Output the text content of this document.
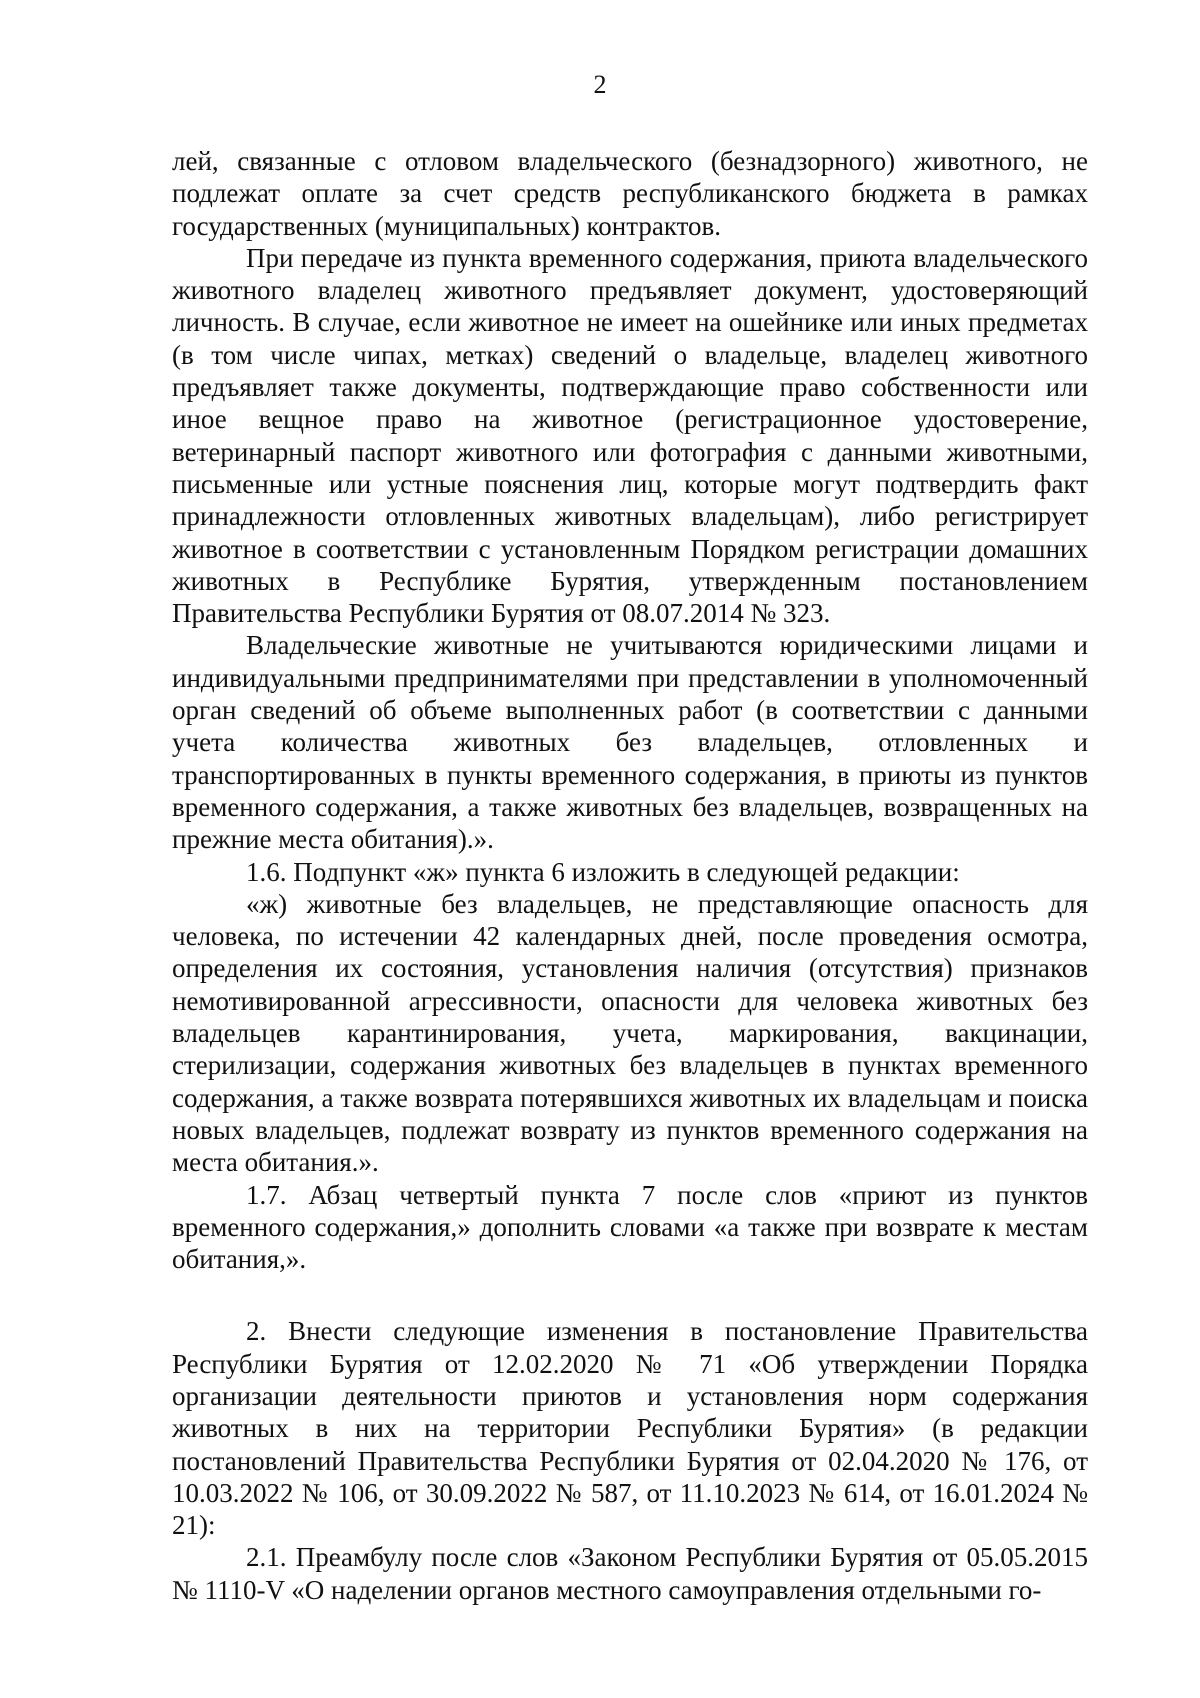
2

лей, связанные с отловом владельческого (безнадзорного) животного, не подлежат оплате за счет средств республиканского бюджета в рамках государственных (муниципальных) контрактов.

При передаче из пункта временного содержания, приюта владельческого животного владелец животного предъявляет документ, удостоверяющий личность. В случае, если животное не имеет на ошейнике или иных предметах (в том числе чипах, метках) сведений о владельце, владелец животного предъявляет также документы, подтверждающие право собственности или иное вещное право на животное (регистрационное удостоверение, ветеринарный паспорт животного или фотография с данными животными, письменные или устные пояснения лиц, которые могут подтвердить факт принадлежности отловленных животных владельцам), либо регистрирует животное в соответствии с установленным Порядком регистрации домашних животных в Республике Бурятия, утвержденным постановлением Правительства Республики Бурятия от 08.07.2014 № 323.

Владельческие животные не учитываются юридическими лицами и индивидуальными предпринимателями при представлении в уполномоченный орган сведений об объеме выполненных работ (в соответствии с данными учета количества животных без владельцев, отловленных и транспортированных в пункты временного содержания, в приюты из пунктов временного содержания, а также животных без владельцев, возвращенных на прежние места обитания).».

1.6. Подпункт «ж» пункта 6 изложить в следующей редакции:

«ж) животные без владельцев, не представляющие опасность для человека, по истечении 42 календарных дней, после проведения осмотра, определения их состояния, установления наличия (отсутствия) признаков немотивированной агрессивности, опасности для человека животных без владельцев карантинирования, учета, маркирования, вакцинации, стерилизации, содержания животных без владельцев в пунктах временного содержания, а также возврата потерявшихся животных их владельцам и поиска новых владельцев, подлежат возврату из пунктов временного содержания на места обитания.».

1.7. Абзац четвертый пункта 7 после слов «приют из пунктов временного содержания,» дополнить словами «а также при возврате к местам обитания,».

2. Внести следующие изменения в постановление Правительства Республики Бурятия от 12.02.2020 № 71 «Об утверждении Порядка организации деятельности приютов и установления норм содержания животных в них на территории Республики Бурятия» (в редакции постановлений Правительства Республики Бурятия от 02.04.2020 № 176, от 10.03.2022 № 106, от 30.09.2022 № 587, от 11.10.2023 № 614, от 16.01.2024 № 21):

2.1. Преамбулу после слов «Законом Республики Бурятия от 05.05.2015 № 1110-V «О наделении органов местного самоуправления отдельными го-
